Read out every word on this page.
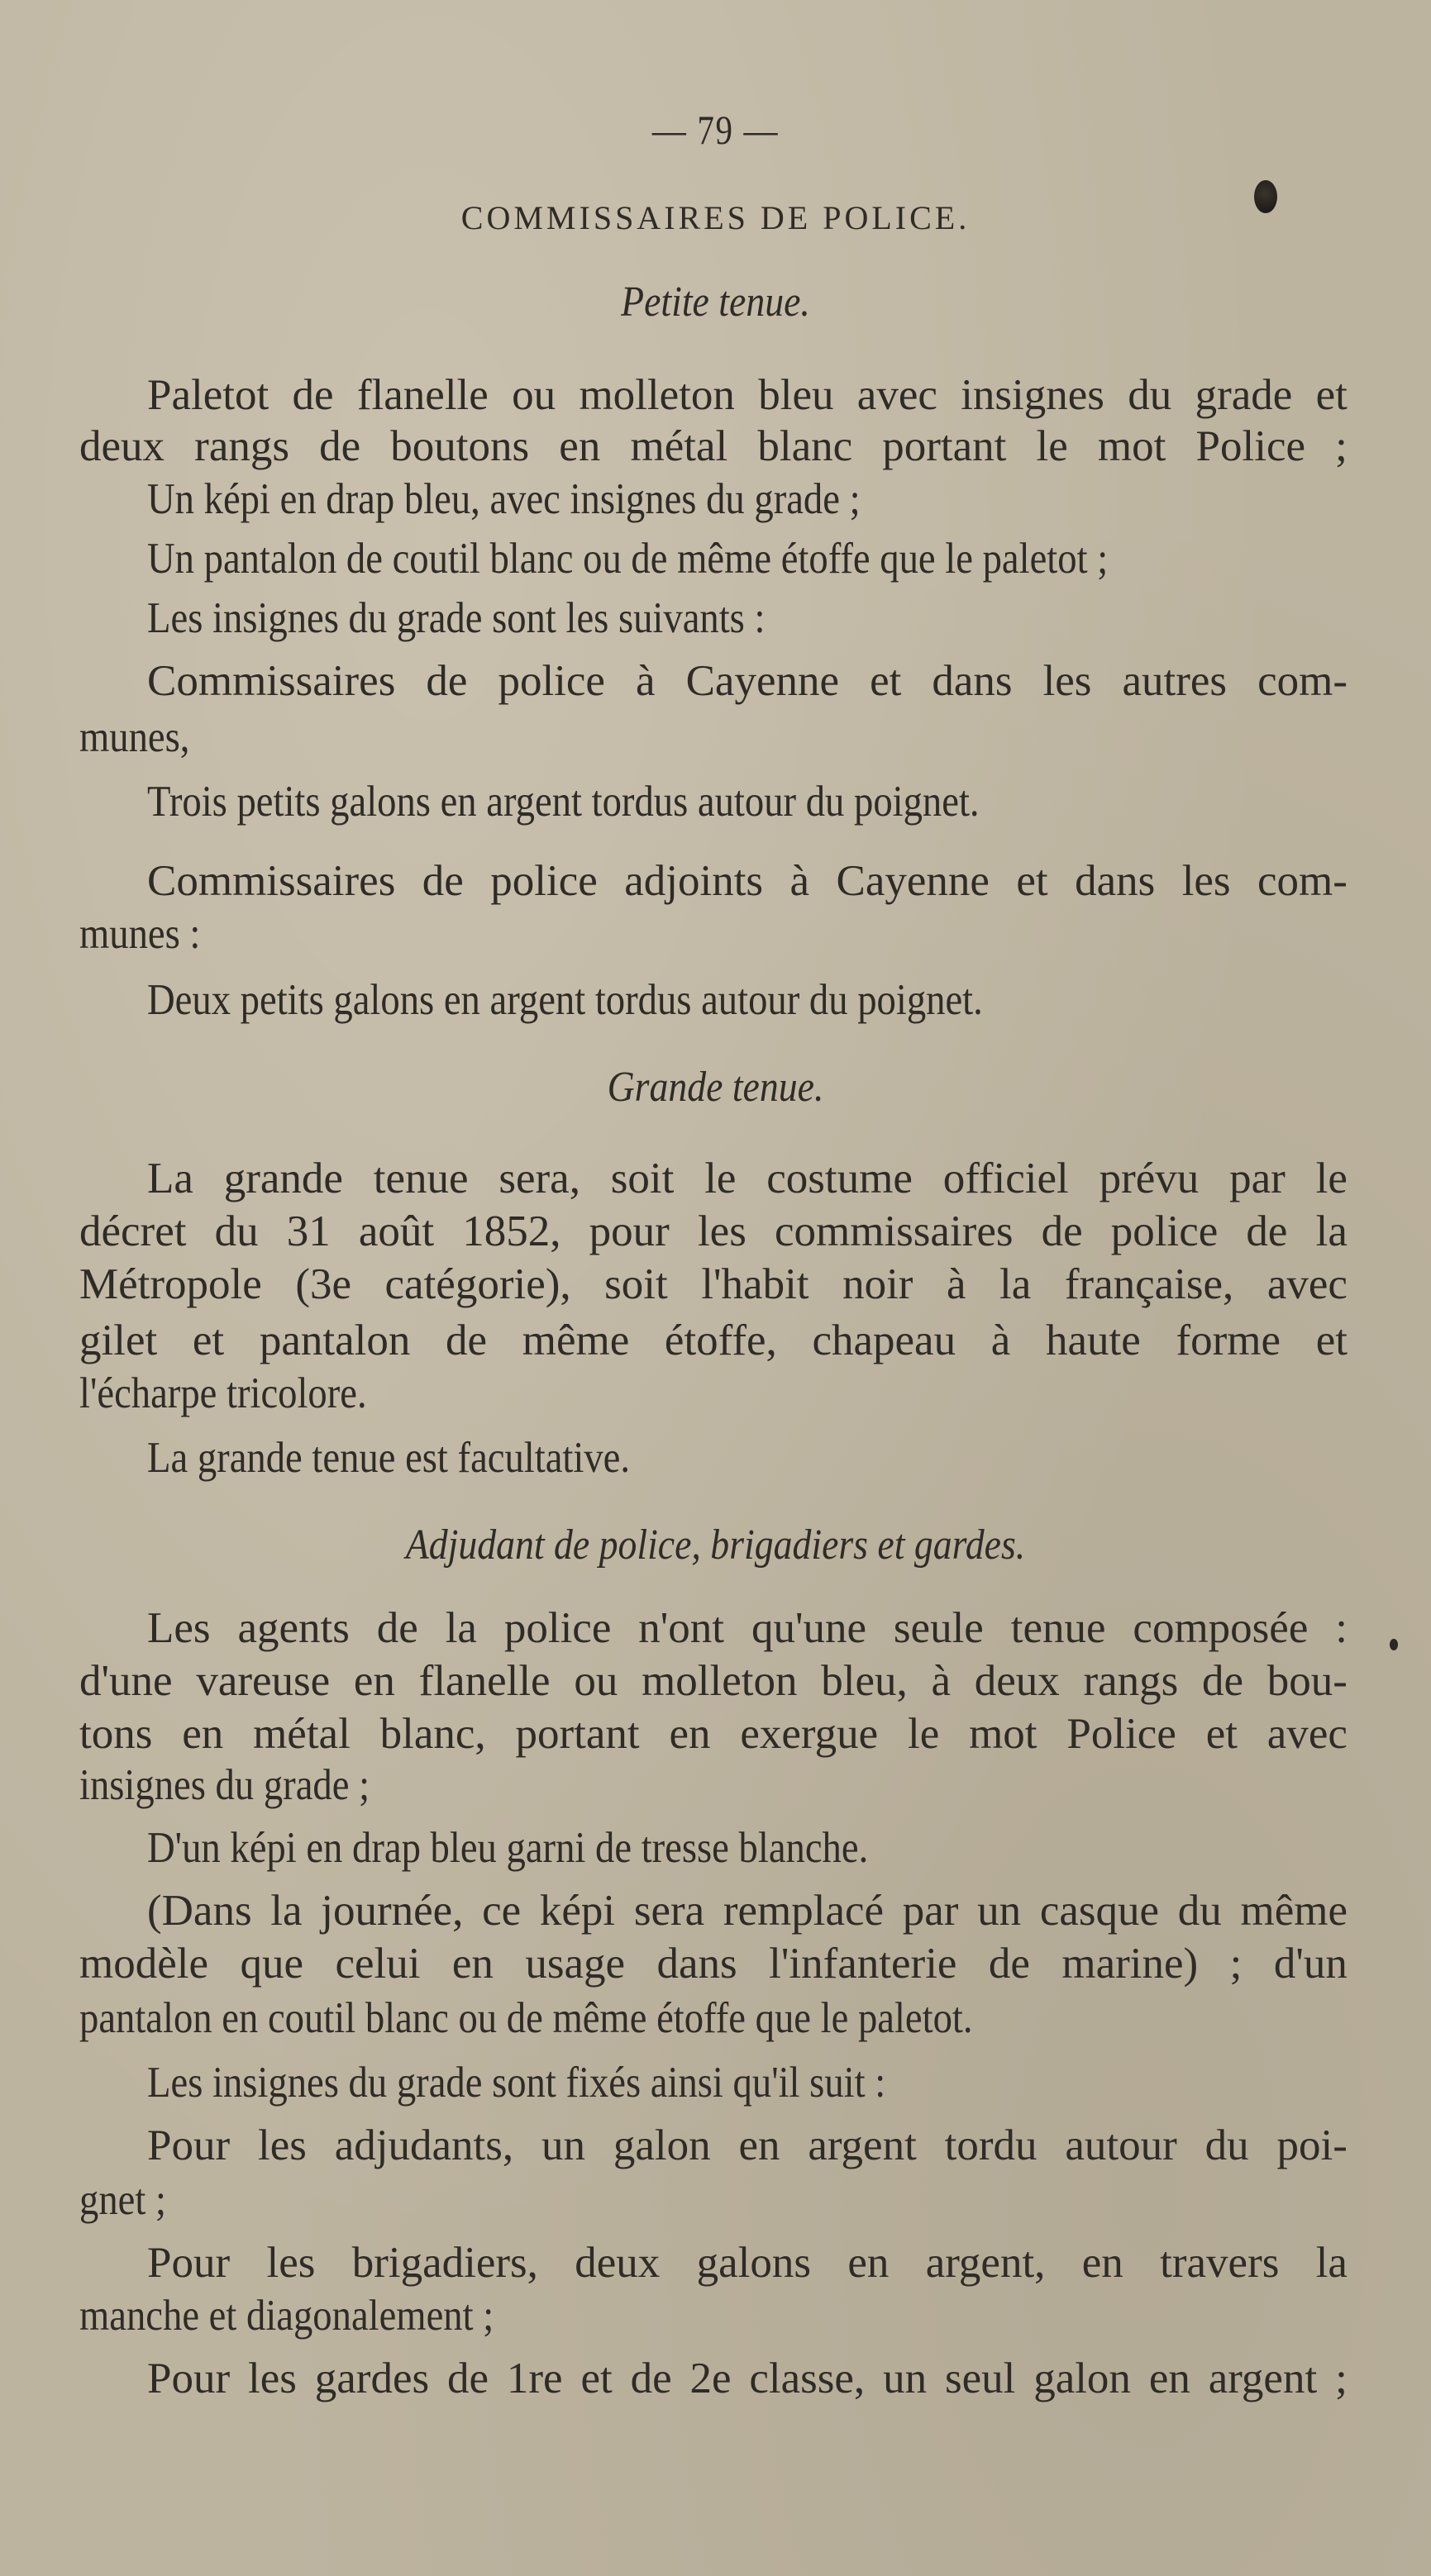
— 79 —
COMMISSAIRES DE POLICE.
Petite tenue.
Paletot de flanelle ou molleton bleu avec insignes du grade et
deux rangs de boutons en métal blanc portant le mot Police ;
Un képi en drap bleu, avec insignes du grade ;
Un pantalon de coutil blanc ou de même étoffe que le paletot ;
Les insignes du grade sont les suivants :
Commissaires de police à Cayenne et dans les autres com-
munes,
Trois petits galons en argent tordus autour du poignet.
Commissaires de police adjoints à Cayenne et dans les com-
munes :
Deux petits galons en argent tordus autour du poignet.
Grande tenue.
La grande tenue sera, soit le costume officiel prévu par le
décret du 31 août 1852, pour les commissaires de police de la
Métropole (3e catégorie), soit l'habit noir à la française, avec
gilet et pantalon de même étoffe, chapeau à haute forme et
l'écharpe tricolore.
La grande tenue est facultative.
Adjudant de police, brigadiers et gardes.
Les agents de la police n'ont qu'une seule tenue composée :
d'une vareuse en flanelle ou molleton bleu, à deux rangs de bou-
tons en métal blanc, portant en exergue le mot Police et avec
insignes du grade ;
D'un képi en drap bleu garni de tresse blanche.
(Dans la journée, ce képi sera remplacé par un casque du même
modèle que celui en usage dans l'infanterie de marine) ; d'un
pantalon en coutil blanc ou de même étoffe que le paletot.
Les insignes du grade sont fixés ainsi qu'il suit :
Pour les adjudants, un galon en argent tordu autour du poi-
gnet ;
Pour les brigadiers, deux galons en argent, en travers la
manche et diagonalement ;
Pour les gardes de 1re et de 2e classe, un seul galon en argent ;
